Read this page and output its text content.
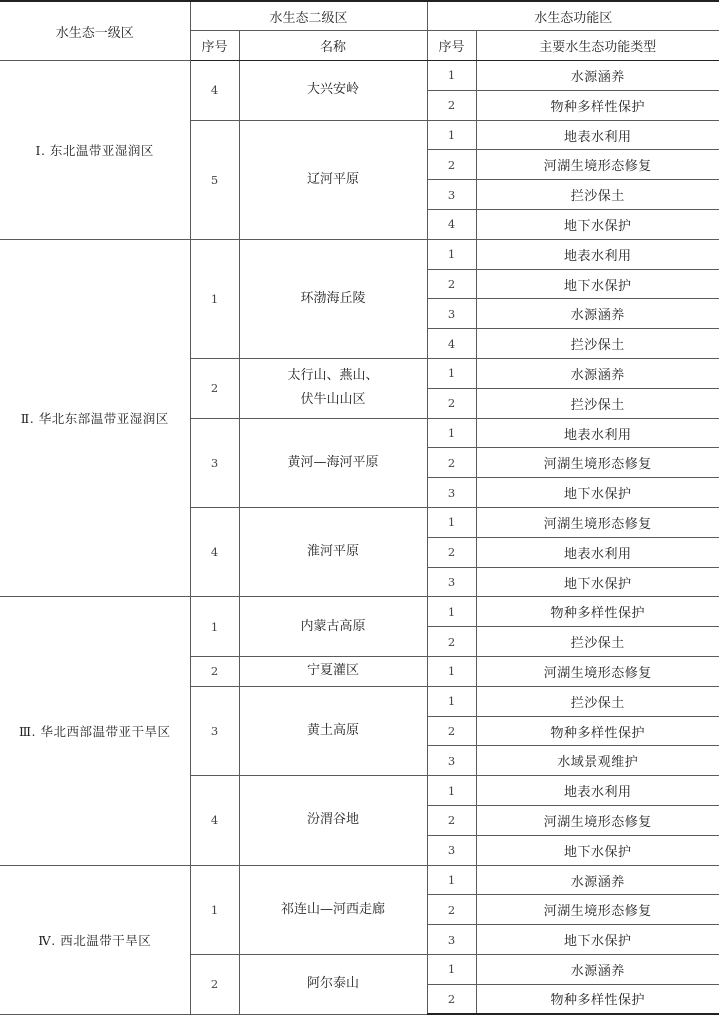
水生态一级区	水生态二级区		水生态功能区	
	序号	名称	序号	主要水生态功能类型
Ⅰ. 东北温带亚湿润区	4	大兴安岭	1	水源涵养
			2	物种多样性保护
	5	辽河平原	1	地表水利用
			2	河湖生境形态修复
			3	拦沙保土
			4	地下水保护
Ⅱ. 华北东部温带亚湿润区	1	环渤海丘陵	1	地表水利用
			2	地下水保护
			3	水源涵养
			4	拦沙保土
	2	太行山、燕山、伏牛山山区	1	水源涵养
			2	拦沙保土
	3	黄河—海河平原	1	地表水利用
			2	河湖生境形态修复
			3	地下水保护
	4	淮河平原	1	河湖生境形态修复
			2	地表水利用
			3	地下水保护
Ⅲ. 华北西部温带亚干旱区	1	内蒙古高原	1	物种多样性保护
			2	拦沙保土
	2	宁夏灌区	1	河湖生境形态修复
	3	黄土高原	1	拦沙保土
			2	物种多样性保护
			3	水域景观维护
	4	汾渭谷地	1	地表水利用
			2	河湖生境形态修复
			3	地下水保护
Ⅳ. 西北温带干旱区	1	祁连山—河西走廊	1	水源涵养
			2	河湖生境形态修复
			3	地下水保护
	2	阿尔泰山	1	水源涵养
			2	物种多样性保护
